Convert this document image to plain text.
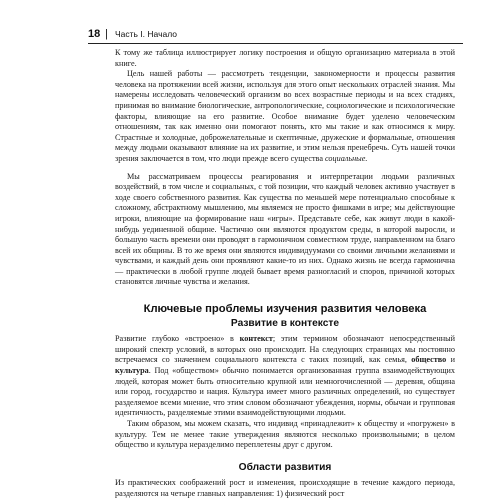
18 | Часть I. Начало

К тому же таблица иллюстрирует логику построения и общую организацию материала в этой книге.

Цель нашей работы — рассмотреть тенденции, закономерности и процессы развития человека на протяжении всей жизни, используя для этого опыт нескольких отраслей знания. Мы намерены исследовать человеческий организм во всех возрастные периоды и на всех стадиях, принимая во внимание биологические, антропологические, социологические и психологические факторы, влияющие на его развитие. Особое внимание будет уделено человеческим отношениям, так как именно они помогают понять, кто мы такие и как относимся к миру. Страстные и холодные, доброжелательные и скептичные, дружеские и формальные, отношения между людьми оказывают влияние на их развитие, и этим нельзя пренебречь. Суть нашей точки зрения заключается в том, что люди прежде всего существа социальные.

Мы рассматриваем процессы реагирования и интерпретации людьми различных воздействий, в том числе и социальных, с той позиции, что каждый человек активно участвует в ходе своего собственного развития. Как существа по меньшей мере потенциально способные к сложному, абстрактному мышлению, мы являемся не просто фишками в игре; мы действующие игроки, влияющие на формирование наш «игры». Представьте себе, как живут люди в какой-нибудь уединенной общине. Частично они являются продуктом среды, в которой выросли, и большую часть времени они проводят в гармоничном совместном труде, направленном на благо всей их общины. В то же время они являются индивидуумами со своими личными желаниями и чувствами, и каждый день они проявляют какие-то из них. Однако жизнь не всегда гармонична — практически в любой группе людей бывает время разногласий и споров, причиной которых становятся личные чувства и желания.

Ключевые проблемы изучения развития человека
Развитие в контексте

Развитие глубоко «встроено» в контекст; этим термином обозначают непосредственный широкий спектр условий, в которых оно происходит. На следующих страницах мы постоянно встречаемся со значением социального контекста с таких позиций, как семья, общество и культура. Под «обществом» обычно понимается организованная группа взаимодействующих людей, которая может быть относительно крупной или немногочисленной — деревня, община или город, государство и нация. Культура имеет много различных определений, но существует разделяемое всеми мнение, что этим словом обозначают убеждения, нормы, обычаи и групповая идентичность, разделяемые этими взаимодействующими людьми.

Таким образом, мы можем сказать, что индивид «принадлежит» к обществу и «погружен» в культуру. Тем не менее такие утверждения являются несколько произвольными; в целом общество и культура неразделимо переплетены друг с другом.

Области развития

Из практических соображений рост и изменения, происходящие в течение каждого периода, разделяются на четыре главных направления: 1) физический рост
